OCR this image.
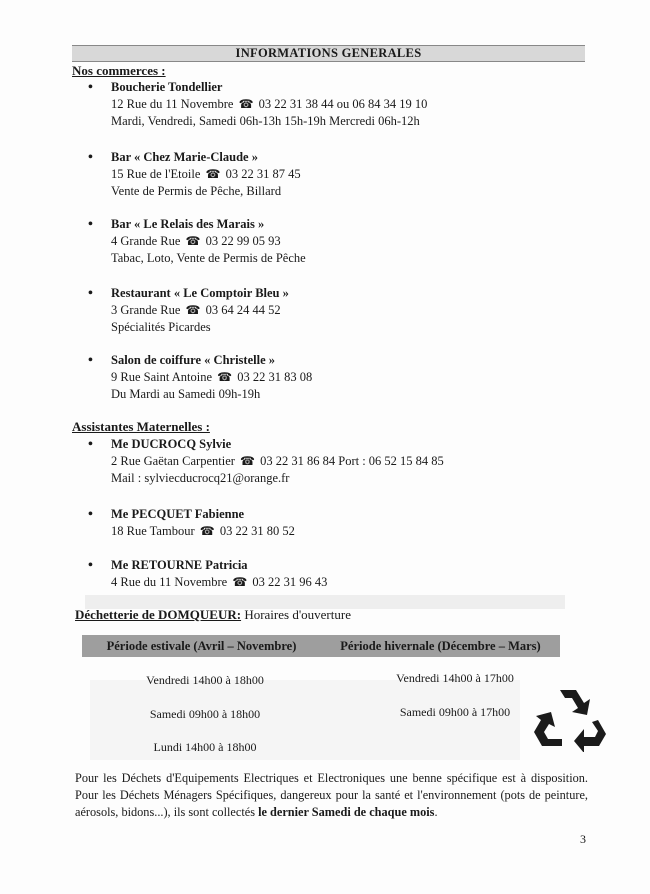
INFORMATIONS GENERALES
Nos commerces :
• Boucherie Tondellier
12 Rue du 11 Novembre ☎ 03 22 31 38 44 ou 06 84 34 19 10
Mardi, Vendredi, Samedi 06h-13h 15h-19h Mercredi 06h-12h
• Bar « Chez Marie-Claude »
15 Rue de l'Etoile ☎ 03 22 31 87 45
Vente de Permis de Pêche, Billard
• Bar « Le Relais des Marais »
4 Grande Rue ☎ 03 22 99 05 93
Tabac, Loto, Vente de Permis de Pêche
• Restaurant « Le Comptoir Bleu »
3 Grande Rue ☎ 03 64 24 44 52
Spécialités Picardes
• Salon de coiffure « Christelle »
9 Rue Saint Antoine ☎ 03 22 31 83 08
Du Mardi au Samedi 09h-19h
Assistantes Maternelles :
• Me DUCROCQ Sylvie
2 Rue Gaëtan Carpentier ☎ 03 22 31 86 84 Port : 06 52 15 84 85
Mail : sylviecducrocq21@orange.fr
• Me PECQUET Fabienne
18 Rue Tambour ☎ 03 22 31 80 52
• Me RETOURNE Patricia
4 Rue du 11 Novembre ☎ 03 22 31 96 43
Déchetterie de DOMQUEUR: Horaires d'ouverture
Période estivale (Avril – Novembre)	Période hivernale (Décembre – Mars)
Vendredi 14h00 à 18h00
Samedi 09h00 à 18h00
Lundi 14h00 à 18h00
Vendredi 14h00 à 17h00
Samedi 09h00 à 17h00
Pour les Déchets d'Equipements Electriques et Electroniques une benne spécifique est à disposition. Pour les Déchets Ménagers Spécifiques, dangereux pour la santé et l'environnement (pots de peinture, aérosols, bidons...), ils sont collectés le dernier Samedi de chaque mois.
3
